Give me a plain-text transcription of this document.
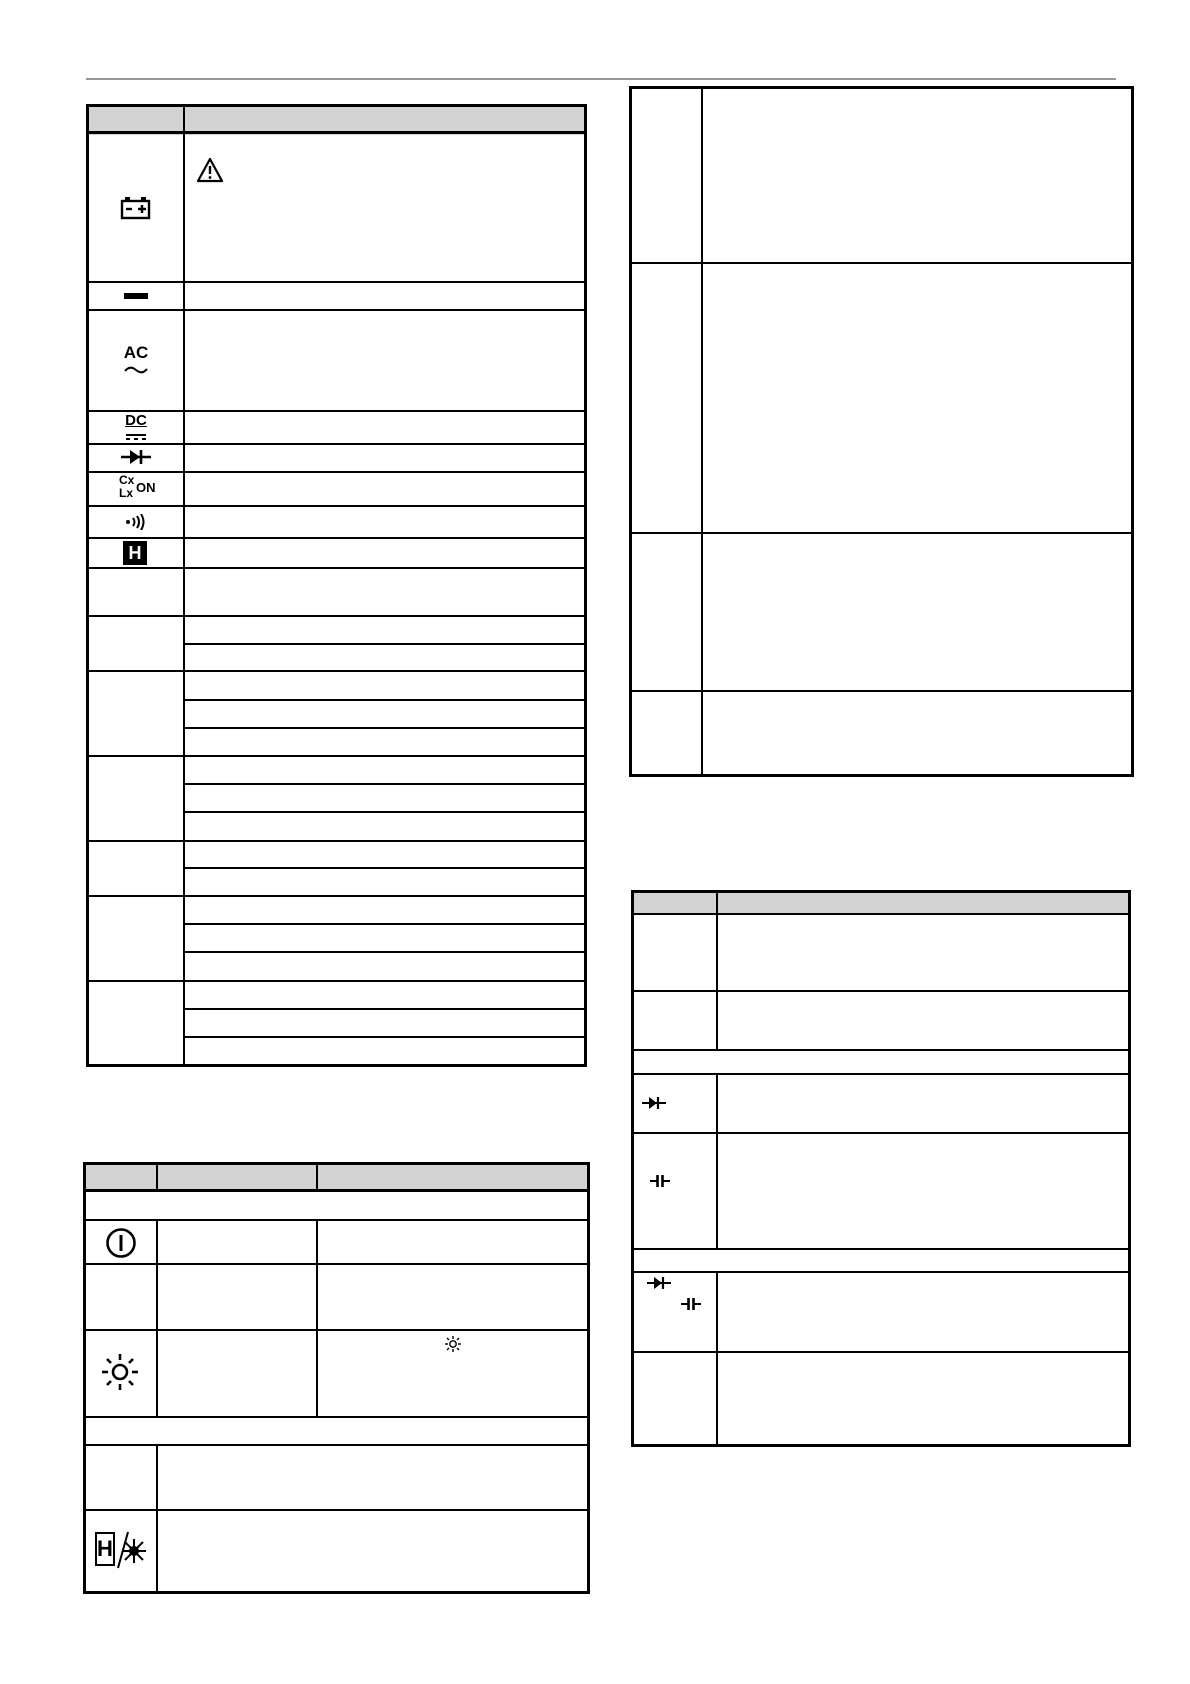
AC
DC
Cx
Lx ON
H
H
